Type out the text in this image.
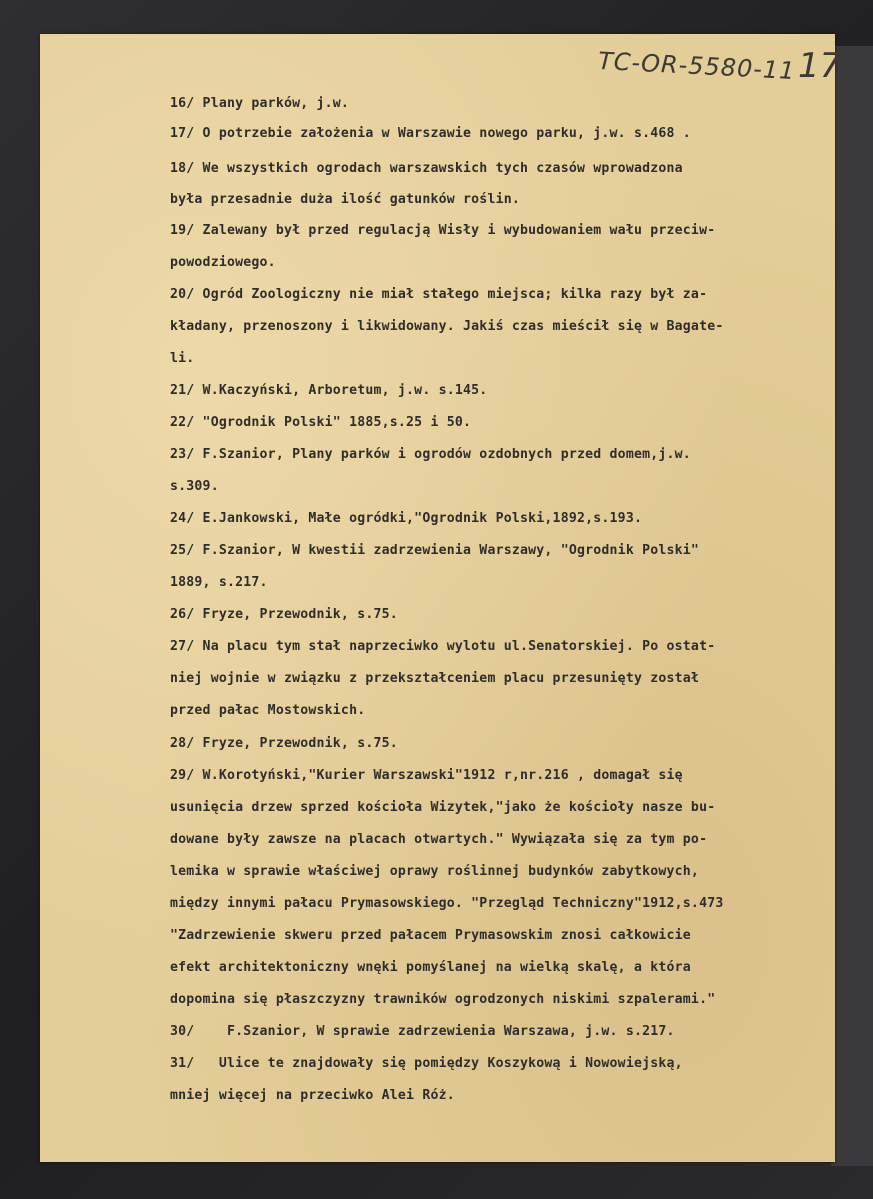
TC-OR-5580-11 17
16/ Plany parków, j.w.
17/ O potrzebie założenia w Warszawie nowego parku, j.w. s.468 .
18/ We wszystkich ogrodach warszawskich tych czasów wprowadzona
była przesadnie duża ilość gatunków roślin.
19/ Zalewany był przed regulacją Wisły i wybudowaniem wału przeciw-
powodziowego.
20/ Ogród Zoologiczny nie miał stałego miejsca; kilka razy był za-
kładany, przenoszony i likwidowany. Jakiś czas mieścił się w Bagate-
li.
21/ W.Kaczyński, Arboretum, j.w. s.145.
22/ "Ogrodnik Polski" 1885,s.25 i 50.
23/ F.Szanior, Plany parków i ogrodów ozdobnych przed domem,j.w.
s.309.
24/ E.Jankowski, Małe ogródki,"Ogrodnik Polski,1892,s.193.
25/ F.Szanior, W kwestii zadrzewienia Warszawy, "Ogrodnik Polski"
1889, s.217.
26/ Fryze, Przewodnik, s.75.
27/ Na placu tym stał naprzeciwko wylotu ul.Senatorskiej. Po ostat-
niej wojnie w związku z przekształceniem placu przesunięty został
przed pałac Mostowskich.
28/ Fryze, Przewodnik, s.75.
29/ W.Korotyński,"Kurier Warszawski"1912 r,nr.216 , domagał się
usunięcia drzew sprzed kościoła Wizytek,"jako że kościoły nasze bu-
dowane były zawsze na placach otwartych." Wywiązała się za tym po-
lemika w sprawie właściwej oprawy roślinnej budynków zabytkowych,
między innymi pałacu Prymasowskiego. "Przegląd Techniczny"1912,s.473
"Zadrzewienie skweru przed pałacem Prymasowskim znosi całkowicie
efekt architektoniczny wnęki pomyślanej na wielką skalę, a która
dopomina się płaszczyzny trawników ogrodzonych niskimi szpalerami."
30/    F.Szanior, W sprawie zadrzewienia Warszawa, j.w. s.217.
31/   Ulice te znajdowały się pomiędzy Koszykową i Nowowiejską,
mniej więcej na przeciwko Alei Róż.
